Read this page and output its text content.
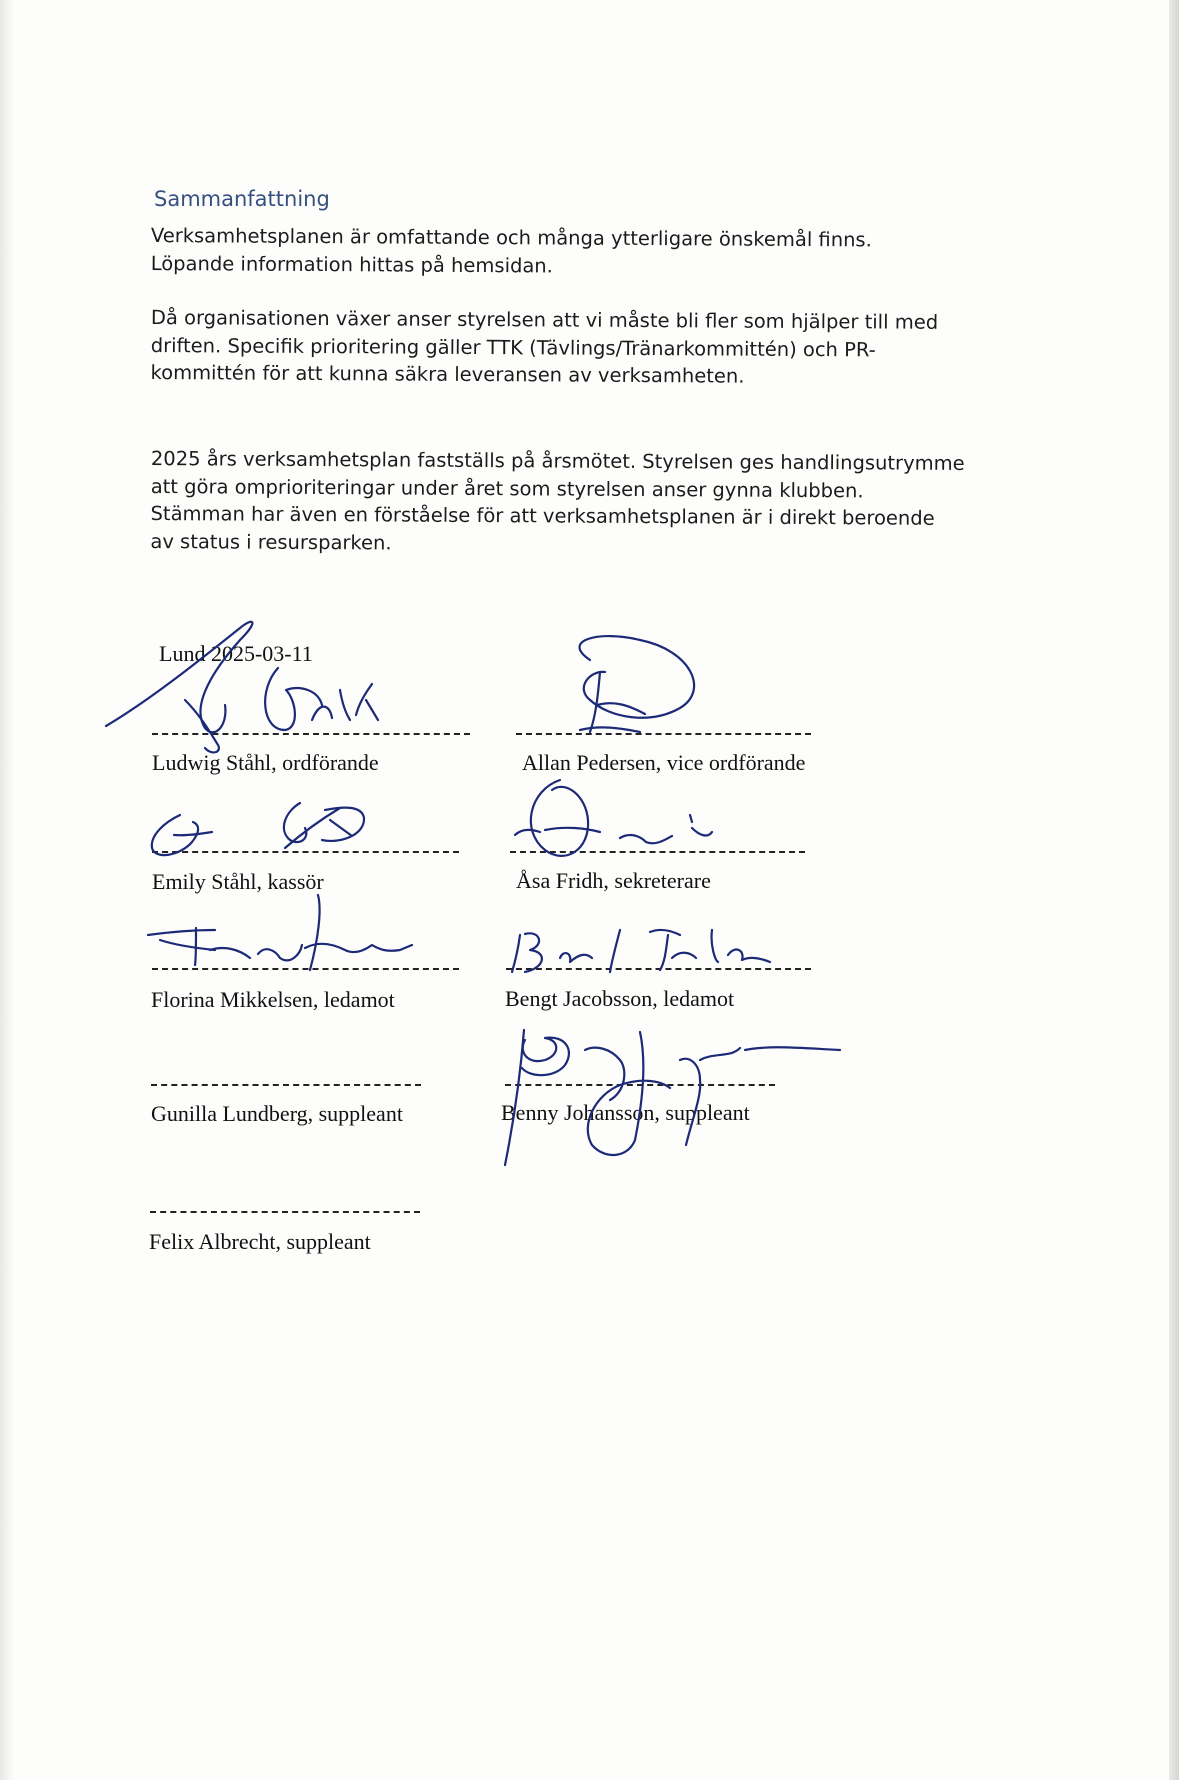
Sammanfattning
Verksamhetsplanen är omfattande och många ytterligare önskemål finns.
Löpande information hittas på hemsidan.
Då organisationen växer anser styrelsen att vi måste bli fler som hjälper till med
driften. Specifik prioritering gäller TTK (Tävlings/Tränarkommittén) och PR-
kommittén för att kunna säkra leveransen av verksamheten.
2025 års verksamhetsplan fastställs på årsmötet. Styrelsen ges handlingsutrymme
att göra omprioriteringar under året som styrelsen anser gynna klubben.
Stämman har även en förståelse för att verksamhetsplanen är i direkt beroende
av status i resursparken.
Lund 2025-03-11
Ludwig Ståhl, ordförande	Allan Pedersen, vice ordförande
Emily Ståhl, kassör	Åsa Fridh, sekreterare
Florina Mikkelsen, ledamot	Bengt Jacobsson, ledamot
Gunilla Lundberg, suppleant	Benny Johansson, suppleant
Felix Albrecht, suppleant
